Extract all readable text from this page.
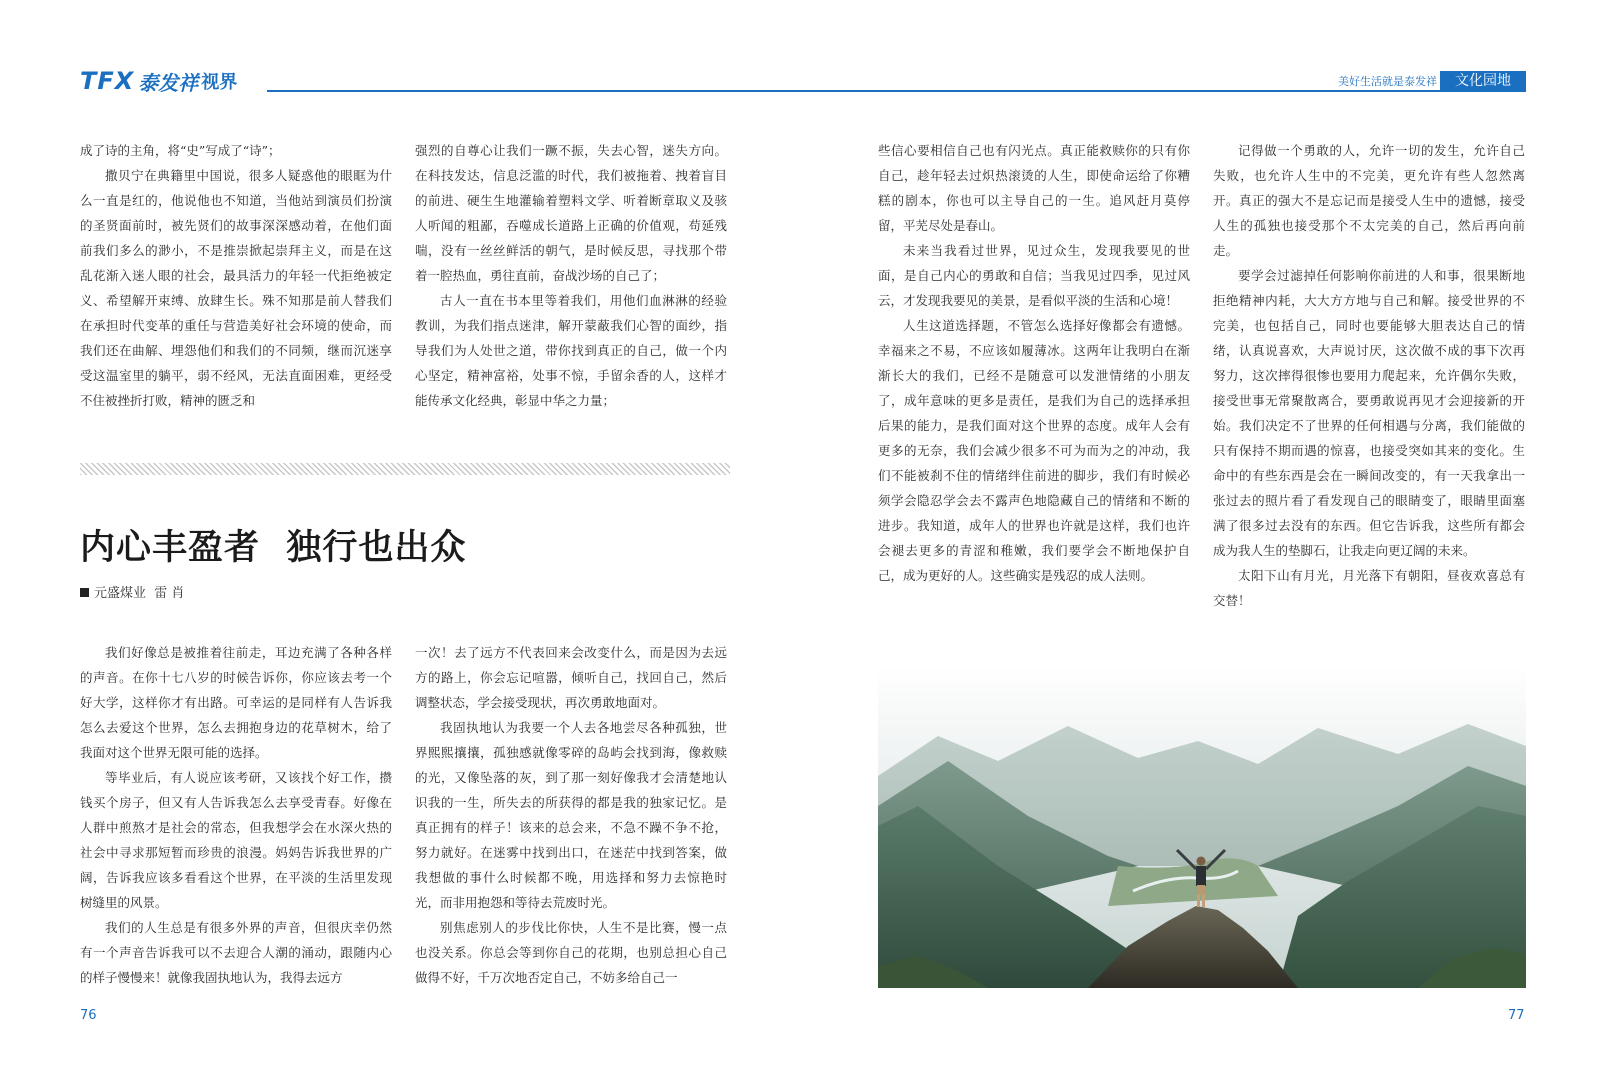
TFX 泰发祥 视界	美好生活就是泰发祥	文化园地

成了诗的主角，将“史”写成了“诗”；

撒贝宁在典籍里中国说，很多人疑惑他的眼眶为什么一直是红的，他说他也不知道，当他站到演员们扮演的圣贤面前时，被先贤们的故事深深感动着，在他们面前我们多么的渺小，不是推崇掀起崇拜主义，而是在这乱花渐入迷人眼的社会，最具活力的年轻一代拒绝被定义、希望解开束缚、放肆生长。殊不知那是前人替我们在承担时代变革的重任与营造美好社会环境的使命，而我们还在曲解、埋怨他们和我们的不同频，继而沉迷享受这温室里的躺平，弱不经风，无法直面困难，更经受不住被挫折打败，精神的匮乏和

强烈的自尊心让我们一蹶不振，失去心智，迷失方向。在科技发达，信息泛滥的时代，我们被拖着、拽着盲目的前进、硬生生地灌输着塑料文学、听着断章取义及骇人听闻的粗鄙，吞噬成长道路上正确的价值观，苟延残喘，没有一丝丝鲜活的朝气，是时候反思，寻找那个带着一腔热血，勇往直前，奋战沙场的自己了；

古人一直在书本里等着我们，用他们血淋淋的经验教训，为我们指点迷津，解开蒙蔽我们心智的面纱，指导我们为人处世之道，带你找到真正的自己，做一个内心坚定，精神富裕，处事不惊，手留余香的人，这样才能传承文化经典，彰显中华之力量；

内心丰盈者  独行也出众
元盛煤业  雷 肖

我们好像总是被推着往前走，耳边充满了各种各样的声音。在你十七八岁的时候告诉你，你应该去考一个好大学，这样你才有出路。可幸运的是同样有人告诉我怎么去爱这个世界，怎么去拥抱身边的花草树木，给了我面对这个世界无限可能的选择。

等毕业后，有人说应该考研，又该找个好工作，攒钱买个房子，但又有人告诉我怎么去享受青春。好像在人群中煎熬才是社会的常态，但我想学会在水深火热的社会中寻求那短暂而珍贵的浪漫。妈妈告诉我世界的广阔，告诉我应该多看看这个世界，在平淡的生活里发现树缝里的风景。

我们的人生总是有很多外界的声音，但很庆幸仍然有一个声音告诉我可以不去迎合人潮的涌动，跟随内心的样子慢慢来！就像我固执地认为，我得去远方

一次！去了远方不代表回来会改变什么，而是因为去远方的路上，你会忘记喧嚣，倾听自己，找回自己，然后调整状态，学会接受现状，再次勇敢地面对。

我固执地认为我要一个人去各地尝尽各种孤独，世界熙熙攘攘，孤独感就像零碎的岛屿会找到海，像救赎的光，又像坠落的灰，到了那一刻好像我才会清楚地认识我的一生，所失去的所获得的都是我的独家记忆。是真正拥有的样子！该来的总会来，不急不躁不争不抢，努力就好。在迷雾中找到出口，在迷茫中找到答案，做我想做的事什么时候都不晚，用选择和努力去惊艳时光，而非用抱怨和等待去荒废时光。

别焦虑别人的步伐比你快，人生不是比赛，慢一点也没关系。你总会等到你自己的花期，也别总担心自己做得不好，千万次地否定自己，不妨多给自己一

些信心要相信自己也有闪光点。真正能救赎你的只有你自己，趁年轻去过炽热滚烫的人生，即使命运给了你糟糕的剧本，你也可以主导自己的一生。追风赶月莫停留，平芜尽处是春山。

未来当我看过世界，见过众生，发现我要见的世面，是自己内心的勇敢和自信；当我见过四季，见过风云，才发现我要见的美景，是看似平淡的生活和心境！

人生这道选择题，不管怎么选择好像都会有遗憾。幸福来之不易，不应该如履薄冰。这两年让我明白在渐渐长大的我们，已经不是随意可以发泄情绪的小朋友了，成年意味的更多是责任，是我们为自己的选择承担后果的能力，是我们面对这个世界的态度。成年人会有更多的无奈，我们会减少很多不可为而为之的冲动，我们不能被刹不住的情绪绊住前进的脚步，我们有时候必须学会隐忍学会去不露声色地隐藏自己的情绪和不断的进步。我知道，成年人的世界也许就是这样，我们也许会褪去更多的青涩和稚嫩，我们要学会不断地保护自己，成为更好的人。这些确实是残忍的成人法则。

记得做一个勇敢的人，允许一切的发生，允许自己失败，也允许人生中的不完美，更允许有些人忽然离开。真正的强大不是忘记而是接受人生中的遗憾，接受人生的孤独也接受那个不太完美的自己，然后再向前走。

要学会过滤掉任何影响你前进的人和事，很果断地拒绝精神内耗，大大方方地与自己和解。接受世界的不完美，也包括自己，同时也要能够大胆表达自己的情绪，认真说喜欢，大声说讨厌，这次做不成的事下次再努力，这次摔得很惨也要用力爬起来，允许偶尔失败，接受世事无常聚散离合，要勇敢说再见才会迎接新的开始。我们决定不了世界的任何相遇与分离，我们能做的只有保持不期而遇的惊喜，也接受突如其来的变化。生命中的有些东西是会在一瞬间改变的，有一天我拿出一张过去的照片看了看发现自己的眼睛变了，眼睛里面塞满了很多过去没有的东西。但它告诉我，这些所有都会成为我人生的垫脚石，让我走向更辽阔的未来。

太阳下山有月光，月光落下有朝阳，昼夜欢喜总有交替！

76	77
